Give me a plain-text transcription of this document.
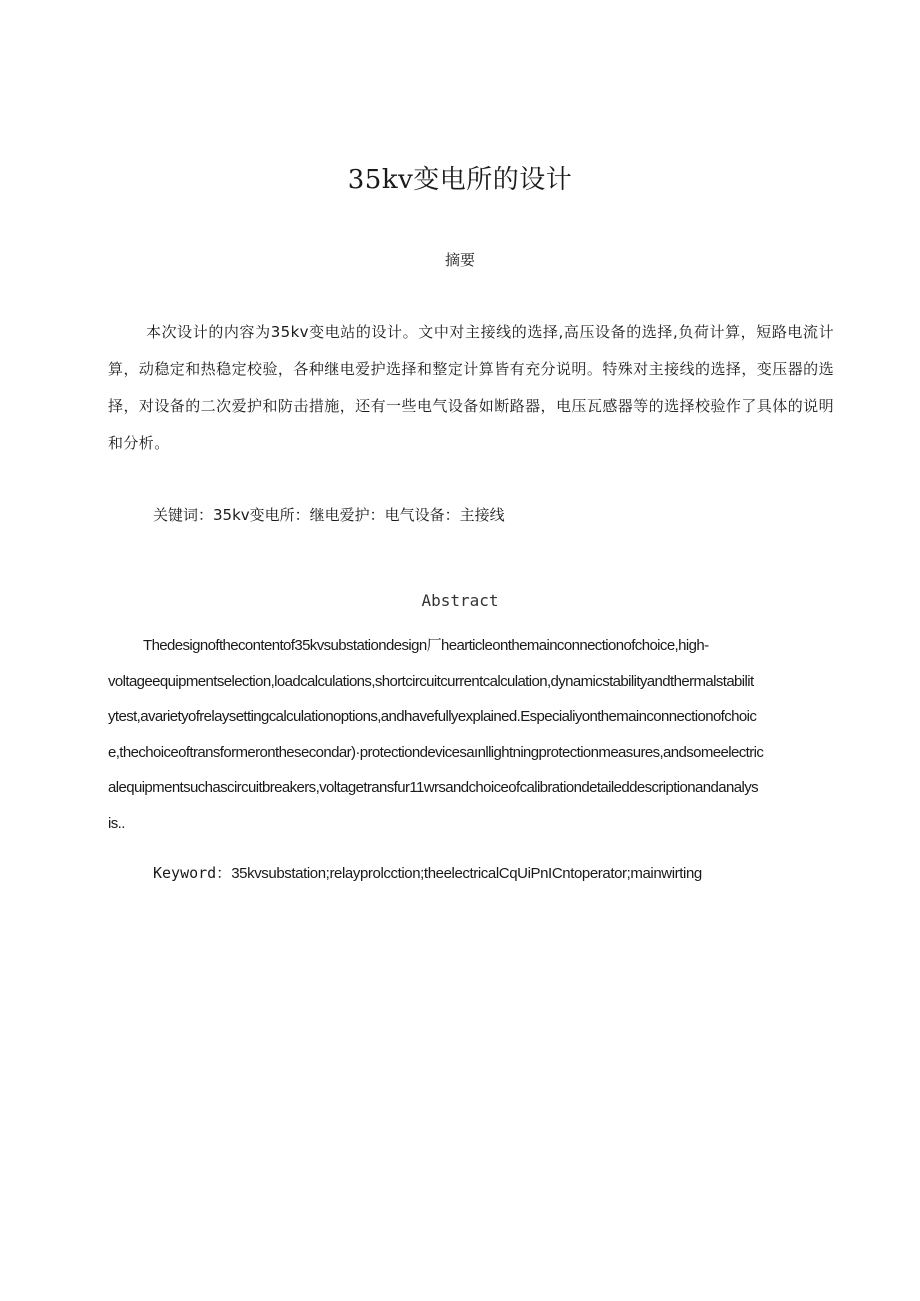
35kv变电所的设计
摘要
本次设计的内容为35kv变电站的设计。文中对主接线的选择,高压设备的选择,负荷计算，短路电流计算，动稳定和热稳定校验，各种继电爱护选择和整定计算皆有充分说明。特殊对主接线的选择，变压器的选择，对设备的二次爱护和防击措施，还有一些电气设备如断路器，电压瓦感器等的选择校验作了具体的说明和分析。
关键词：35kv变电所：继电爱护：电气设备：主接线
Abstract
Thedesignofthecontentof35kvsubstationdesign厂hearticleonthemainconnectionofchoice,high-
voltageequipmentselection,loadcalculations,shortcircuitcurrentcalculation,dynamicstabilityandthermalstabilit
ytest,avarietyofrelaysettingcalculationoptions,andhavefullyexplained.Especialiyonthemainconnectionofchoic
e,thechoiceoftransformeronthesecondar)·protectiondevicesaınllightningprotectionmeasures,andsomeelectric
alequipmentsuchascircuitbreakers,voltagetransfur11wrsandchoiceofcalibrationdetaileddescriptionandanalys
is..
Keyword：35kvsubstation;relayprolcction;theelectricalCqUiPnICntoperator;mainwirting
